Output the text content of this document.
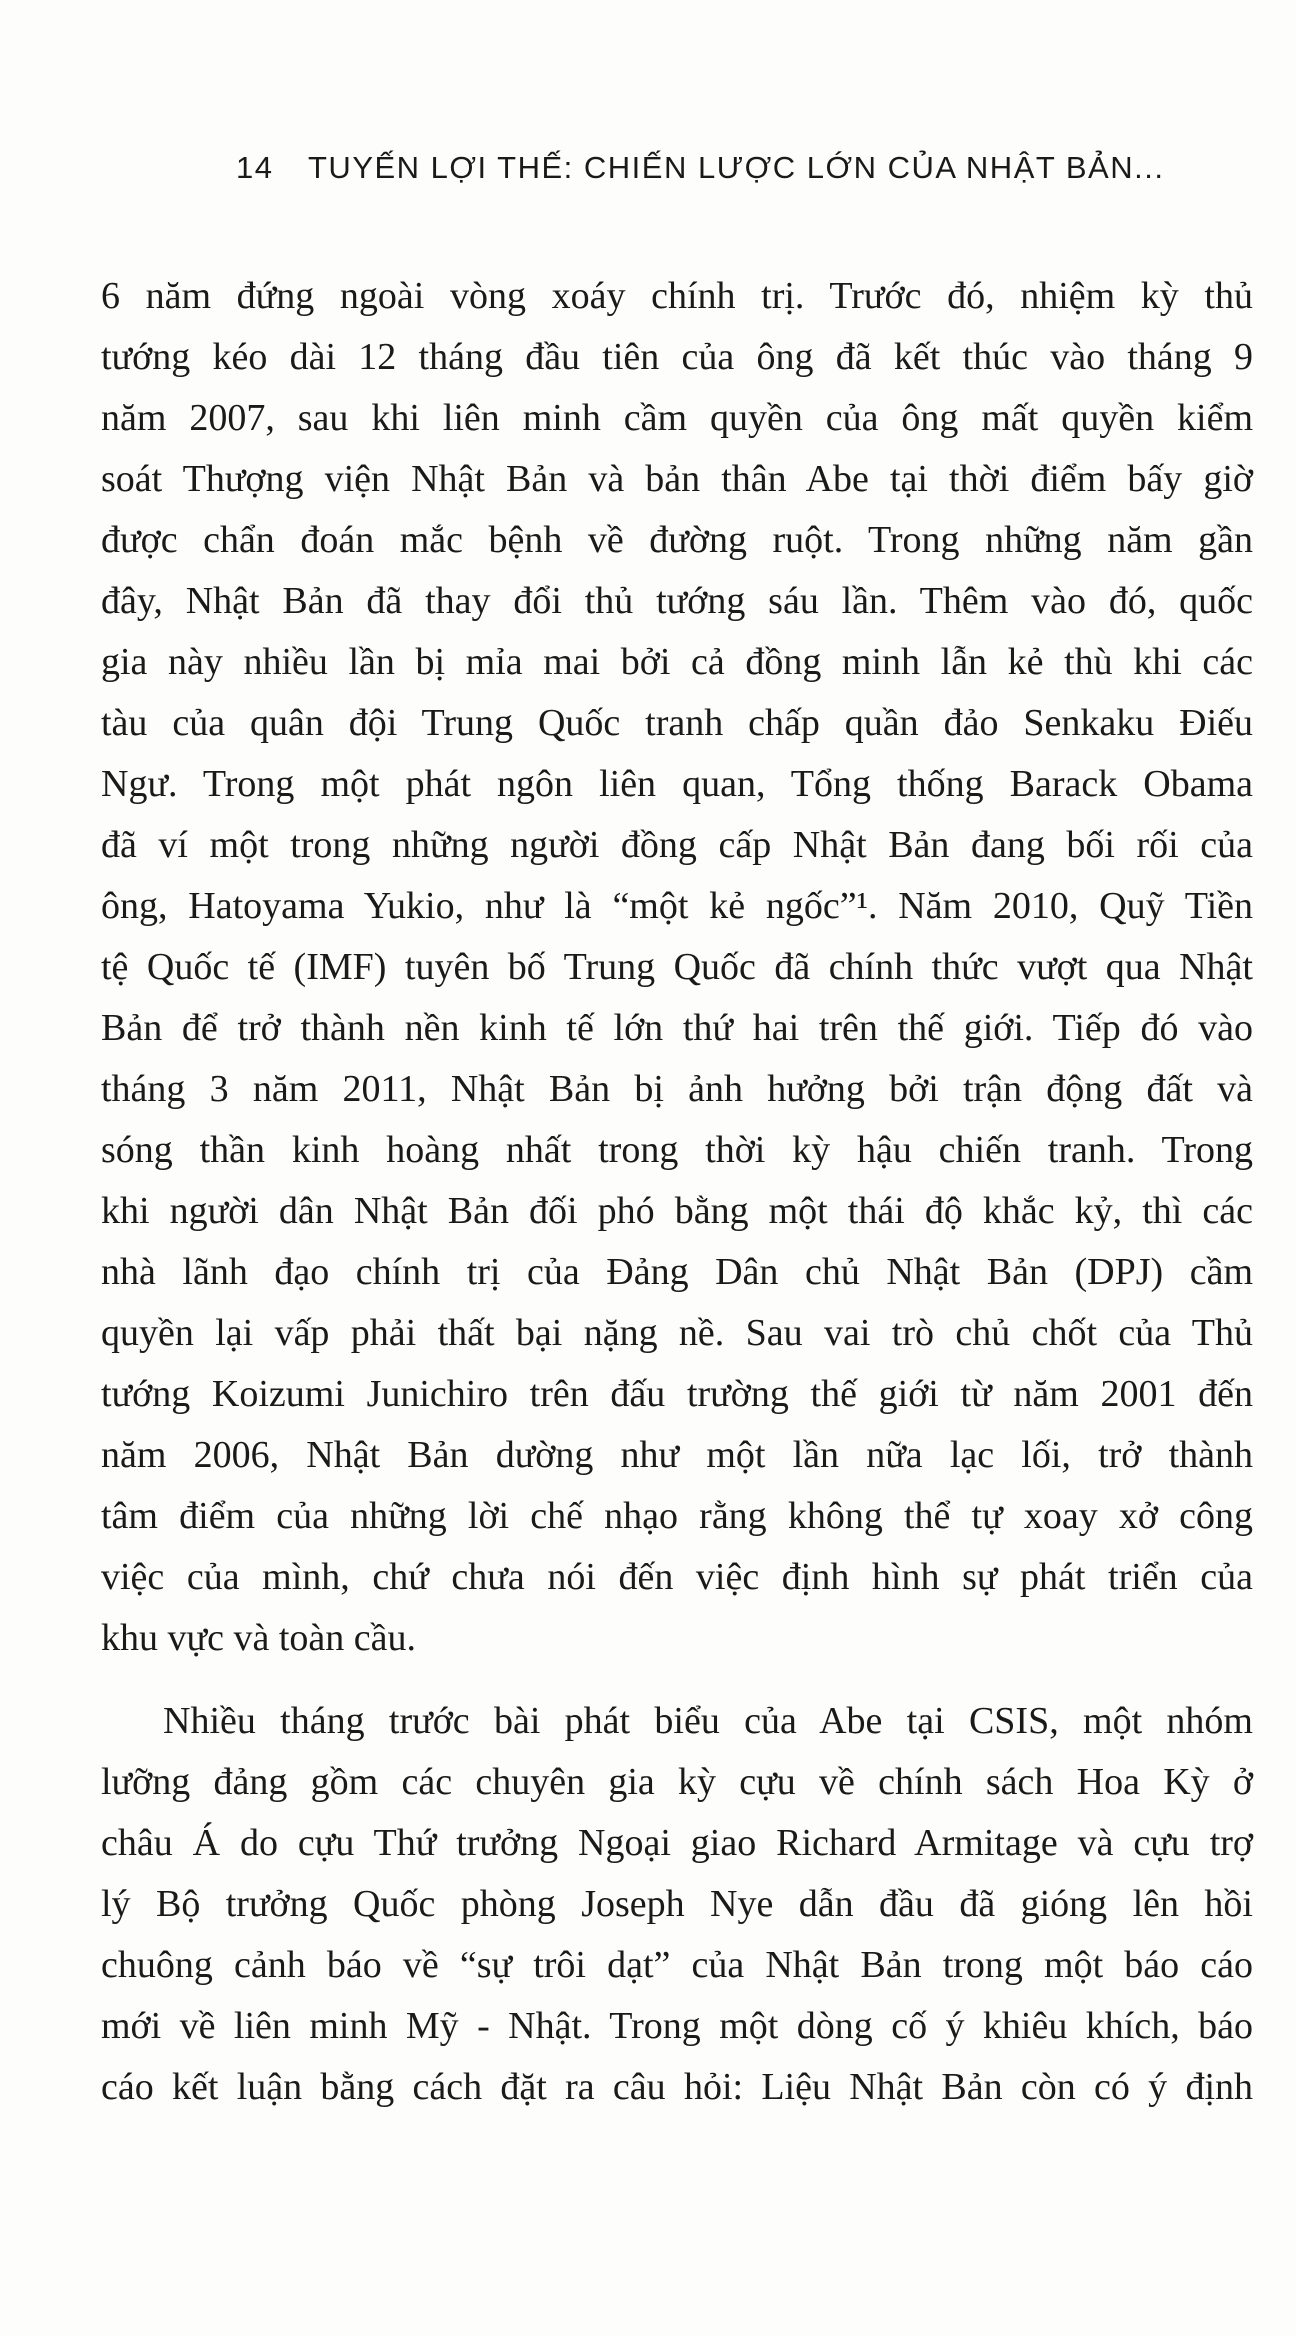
14 TUYẾN LỢI THẾ: CHIẾN LƯỢC LỚN CỦA NHẬT BẢN...
6 năm đứng ngoài vòng xoáy chính trị. Trước đó, nhiệm kỳ thủ
tướng kéo dài 12 tháng đầu tiên của ông đã kết thúc vào tháng 9
năm 2007, sau khi liên minh cầm quyền của ông mất quyền kiểm
soát Thượng viện Nhật Bản và bản thân Abe tại thời điểm bấy giờ
được chẩn đoán mắc bệnh về đường ruột. Trong những năm gần
đây, Nhật Bản đã thay đổi thủ tướng sáu lần. Thêm vào đó, quốc
gia này nhiều lần bị mỉa mai bởi cả đồng minh lẫn kẻ thù khi các
tàu của quân đội Trung Quốc tranh chấp quần đảo Senkaku Điếu
Ngư. Trong một phát ngôn liên quan, Tổng thống Barack Obama
đã ví một trong những người đồng cấp Nhật Bản đang bối rối của
ông, Hatoyama Yukio, như là “một kẻ ngốc”¹. Năm 2010, Quỹ Tiền
tệ Quốc tế (IMF) tuyên bố Trung Quốc đã chính thức vượt qua Nhật
Bản để trở thành nền kinh tế lớn thứ hai trên thế giới. Tiếp đó vào
tháng 3 năm 2011, Nhật Bản bị ảnh hưởng bởi trận động đất và
sóng thần kinh hoàng nhất trong thời kỳ hậu chiến tranh. Trong
khi người dân Nhật Bản đối phó bằng một thái độ khắc kỷ, thì các
nhà lãnh đạo chính trị của Đảng Dân chủ Nhật Bản (DPJ) cầm
quyền lại vấp phải thất bại nặng nề. Sau vai trò chủ chốt của Thủ
tướng Koizumi Junichiro trên đấu trường thế giới từ năm 2001 đến
năm 2006, Nhật Bản dường như một lần nữa lạc lối, trở thành
tâm điểm của những lời chế nhạo rằng không thể tự xoay xở công
việc của mình, chứ chưa nói đến việc định hình sự phát triển của
khu vực và toàn cầu.
Nhiều tháng trước bài phát biểu của Abe tại CSIS, một nhóm
lưỡng đảng gồm các chuyên gia kỳ cựu về chính sách Hoa Kỳ ở
châu Á do cựu Thứ trưởng Ngoại giao Richard Armitage và cựu trợ
lý Bộ trưởng Quốc phòng Joseph Nye dẫn đầu đã gióng lên hồi
chuông cảnh báo về “sự trôi dạt” của Nhật Bản trong một báo cáo
mới về liên minh Mỹ - Nhật. Trong một dòng cố ý khiêu khích, báo
cáo kết luận bằng cách đặt ra câu hỏi: Liệu Nhật Bản còn có ý định
